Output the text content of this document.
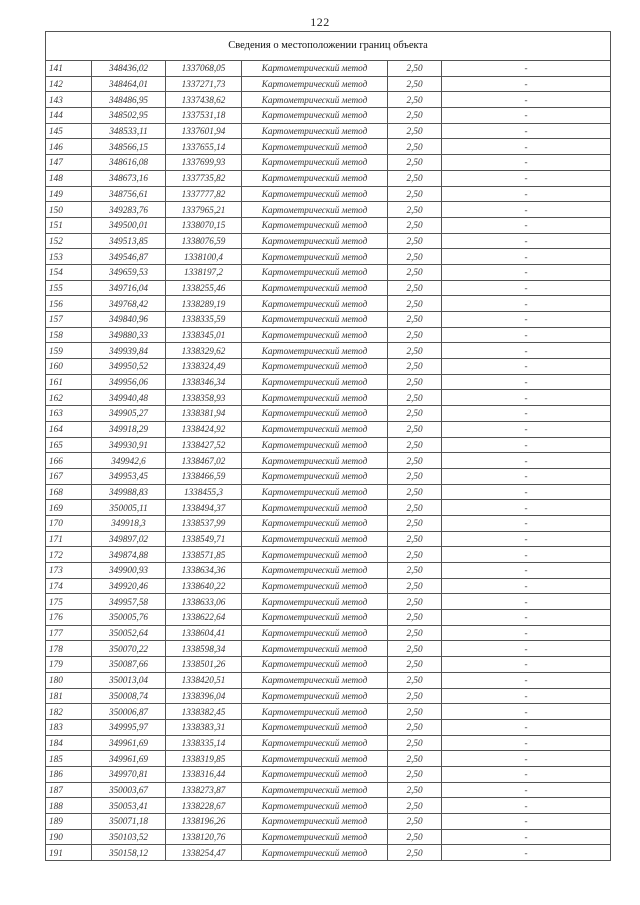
122
Сведения о местоположении границ объекта					
141	348436,02	1337068,05	Картометрический метод	2,50	-
142	348464,01	1337271,73	Картометрический метод	2,50	-
143	348486,95	1337438,62	Картометрический метод	2,50	-
144	348502,95	1337531,18	Картометрический метод	2,50	-
145	348533,11	1337601,94	Картометрический метод	2,50	-
146	348566,15	1337655,14	Картометрический метод	2,50	-
147	348616,08	1337699,93	Картометрический метод	2,50	-
148	348673,16	1337735,82	Картометрический метод	2,50	-
149	348756,61	1337777,82	Картометрический метод	2,50	-
150	349283,76	1337965,21	Картометрический метод	2,50	-
151	349500,01	1338070,15	Картометрический метод	2,50	-
152	349513,85	1338076,59	Картометрический метод	2,50	-
153	349546,87	1338100,4	Картометрический метод	2,50	-
154	349659,53	1338197,2	Картометрический метод	2,50	-
155	349716,04	1338255,46	Картометрический метод	2,50	-
156	349768,42	1338289,19	Картометрический метод	2,50	-
157	349840,96	1338335,59	Картометрический метод	2,50	-
158	349880,33	1338345,01	Картометрический метод	2,50	-
159	349939,84	1338329,62	Картометрический метод	2,50	-
160	349950,52	1338324,49	Картометрический метод	2,50	-
161	349956,06	1338346,34	Картометрический метод	2,50	-
162	349940,48	1338358,93	Картометрический метод	2,50	-
163	349905,27	1338381,94	Картометрический метод	2,50	-
164	349918,29	1338424,92	Картометрический метод	2,50	-
165	349930,91	1338427,52	Картометрический метод	2,50	-
166	349942,6	1338467,02	Картометрический метод	2,50	-
167	349953,45	1338466,59	Картометрический метод	2,50	-
168	349988,83	1338455,3	Картометрический метод	2,50	-
169	350005,11	1338494,37	Картометрический метод	2,50	-
170	349918,3	1338537,99	Картометрический метод	2,50	-
171	349897,02	1338549,71	Картометрический метод	2,50	-
172	349874,88	1338571,85	Картометрический метод	2,50	-
173	349900,93	1338634,36	Картометрический метод	2,50	-
174	349920,46	1338640,22	Картометрический метод	2,50	-
175	349957,58	1338633,06	Картометрический метод	2,50	-
176	350005,76	1338622,64	Картометрический метод	2,50	-
177	350052,64	1338604,41	Картометрический метод	2,50	-
178	350070,22	1338598,34	Картометрический метод	2,50	-
179	350087,66	1338501,26	Картометрический метод	2,50	-
180	350013,04	1338420,51	Картометрический метод	2,50	-
181	350008,74	1338396,04	Картометрический метод	2,50	-
182	350006,87	1338382,45	Картометрический метод	2,50	-
183	349995,97	1338383,31	Картометрический метод	2,50	-
184	349961,69	1338335,14	Картометрический метод	2,50	-
185	349961,69	1338319,85	Картометрический метод	2,50	-
186	349970,81	1338316,44	Картометрический метод	2,50	-
187	350003,67	1338273,87	Картометрический метод	2,50	-
188	350053,41	1338228,67	Картометрический метод	2,50	-
189	350071,18	1338196,26	Картометрический метод	2,50	-
190	350103,52	1338120,76	Картометрический метод	2,50	-
191	350158,12	1338254,47	Картометрический метод	2,50	-
